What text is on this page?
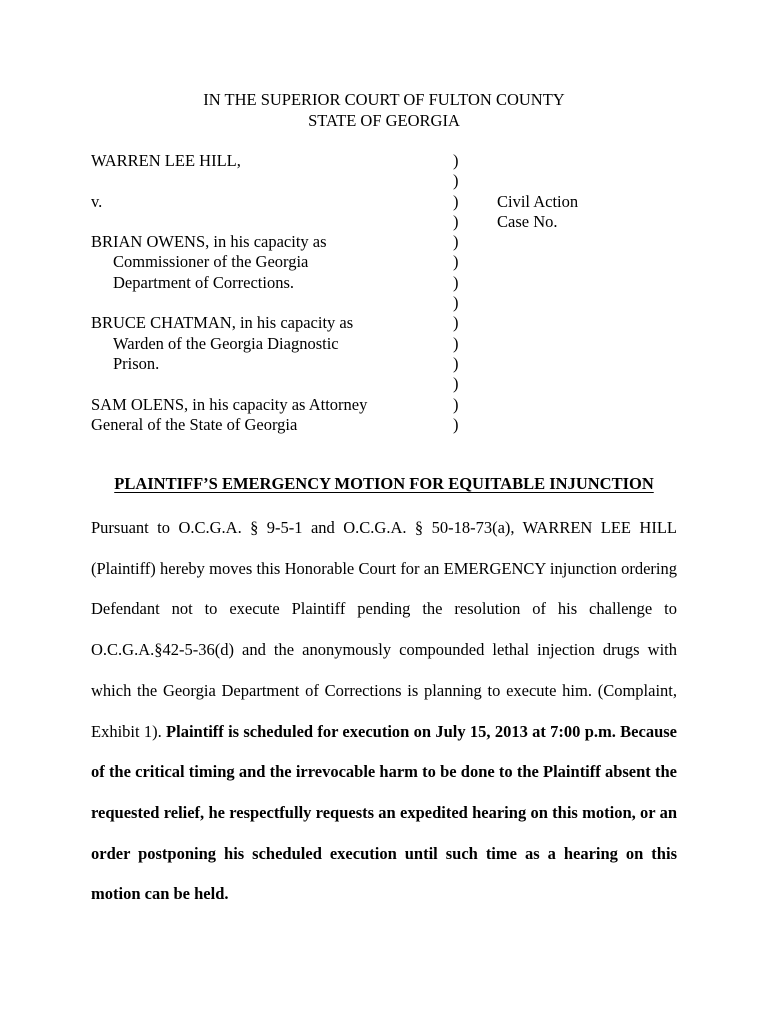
IN THE SUPERIOR COURT OF FULTON COUNTY
STATE OF GEORGIA
WARREN LEE HILL,
v.
BRIAN OWENS, in his capacity as
Commissioner of the Georgia
Department of Corrections.
BRUCE CHATMAN, in his capacity as
Warden of the Georgia Diagnostic
Prison.
SAM OLENS, in his capacity as Attorney
General of the State of Georgia
)
)
)
)
)
)
)
)
)
)
)
)
)
)
Civil Action
Case No.
PLAINTIFF’S EMERGENCY MOTION FOR EQUITABLE INJUNCTION
Pursuant to O.C.G.A. § 9-5-1 and O.C.G.A. § 50-18-73(a), WARREN LEE HILL (Plaintiff) hereby moves this Honorable Court for an EMERGENCY injunction ordering Defendant not to execute Plaintiff pending the resolution of his challenge to O.C.G.A.§42-5-36(d) and the anonymously compounded lethal injection drugs with which the Georgia Department of Corrections is planning to execute him. (Complaint, Exhibit 1). Plaintiff is scheduled for execution on July 15, 2013 at 7:00 p.m. Because of the critical timing and the irrevocable harm to be done to the Plaintiff absent the requested relief, he respectfully requests an expedited hearing on this motion, or an order postponing his scheduled execution until such time as a hearing on this motion can be held.
